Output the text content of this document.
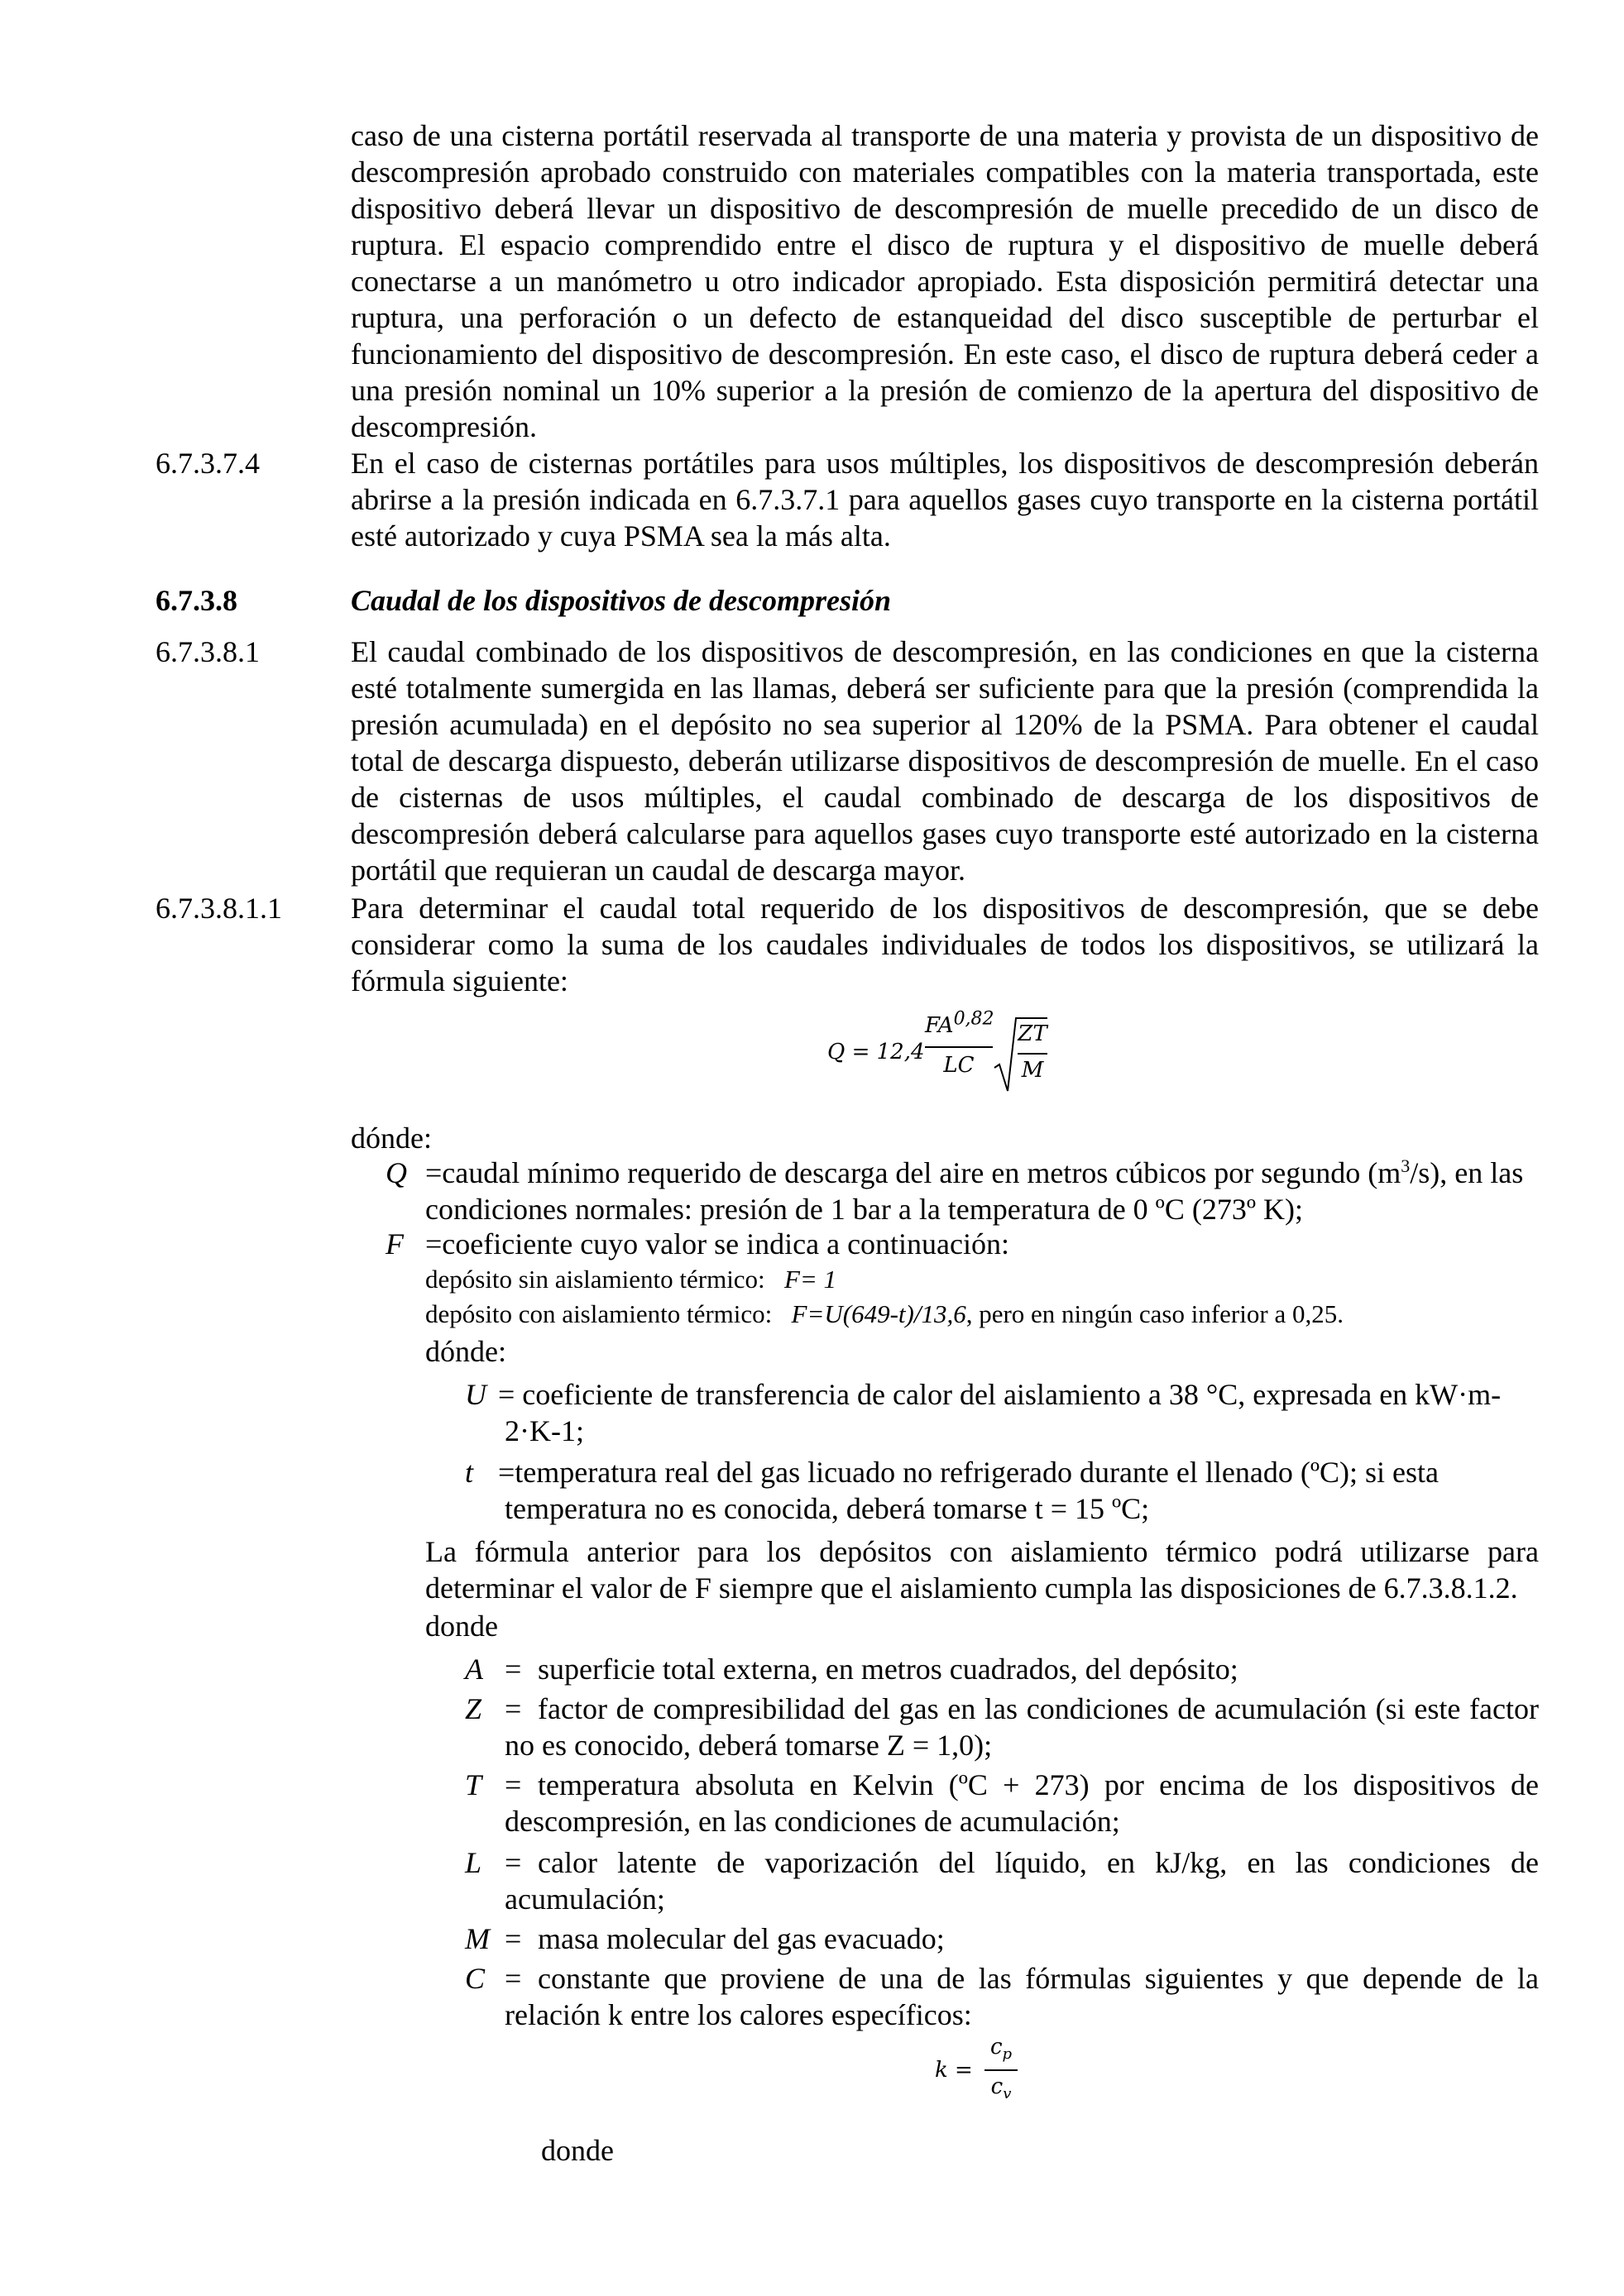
caso de una cisterna portátil reservada al transporte de una materia y provista de un dispositivo de descompresión aprobado construido con materiales compatibles con la materia transportada, este dispositivo deberá llevar un dispositivo de descompresión de muelle precedido de un disco de ruptura. El espacio comprendido entre el disco de ruptura y el dispositivo de muelle deberá conectarse a un manómetro u otro indicador apropiado. Esta disposición permitirá detectar una ruptura, una perforación o un defecto de estanqueidad del disco susceptible de perturbar el funcionamiento del dispositivo de descompresión. En este caso, el disco de ruptura deberá ceder a una presión nominal un 10% superior a la presión de comienzo de la apertura del dispositivo de descompresión.
6.7.3.7.4	En el caso de cisternas portátiles para usos múltiples, los dispositivos de descompresión deberán abrirse a la presión indicada en 6.7.3.7.1 para aquellos gases cuyo transporte en la cisterna portátil esté autorizado y cuya PSMA sea la más alta.
6.7.3.8	Caudal de los dispositivos de descompresión
6.7.3.8.1	El caudal combinado de los dispositivos de descompresión, en las condiciones en que la cisterna esté totalmente sumergida en las llamas, deberá ser suficiente para que la presión (comprendida la presión acumulada) en el depósito no sea superior al 120% de la PSMA. Para obtener el caudal total de descarga dispuesto, deberán utilizarse dispositivos de descompresión de muelle. En el caso de cisternas de usos múltiples, el caudal combinado de descarga de los dispositivos de descompresión deberá calcularse para aquellos gases cuyo transporte esté autorizado en la cisterna portátil que requieran un caudal de descarga mayor.
6.7.3.8.1.1 Para determinar el caudal total requerido de los dispositivos de descompresión, que se debe considerar como la suma de los caudales individuales de todos los dispositivos, se utilizará la fórmula siguiente:
Q = 12,4
FA$^{0,82}$
LC
ZT
M
dónde:
Q =caudal mínimo requerido de descarga del aire en metros cúbicos por segundo $(m^3/s)$, en las
condiciones normales: presión de 1 bar a la temperatura de 0 ºC (273º K);
F =coeficiente cuyo valor se indica a continuación:
depósito sin aislamiento térmico: F= 1
depósito con aislamiento térmico: F=U(649-t)/13,6, pero en ningún caso inferior a 0,25.
dónde:
U = coeficiente de transferencia de calor del aislamiento a 38 °C, expresada en kW·m-
2·K-1;
t =temperatura real del gas licuado no refrigerado durante el llenado (ºC); si esta
temperatura no es conocida, deberá tomarse t = 15 ºC;
La fórmula anterior para los depósitos con aislamiento térmico podrá utilizarse para determinar el valor de F siempre que el aislamiento cumpla las disposiciones de 6.7.3.8.1.2.
donde
A = superficie total externa, en metros cuadrados, del depósito;
Z = factor de compresibilidad del gas en las condiciones de acumulación (si este factor no es conocido, deberá tomarse Z = 1,0);
T = temperatura absoluta en Kelvin (ºC + 273) por encima de los dispositivos de descompresión, en las condiciones de acumulación;
L = calor latente de vaporización del líquido, en kJ/kg, en las condiciones de acumulación;
M = masa molecular del gas evacuado;
C = constante que proviene de una de las fórmulas siguientes y que depende de la relación k entre los calores específicos:
k =
$c_p$
$c_v$
donde
